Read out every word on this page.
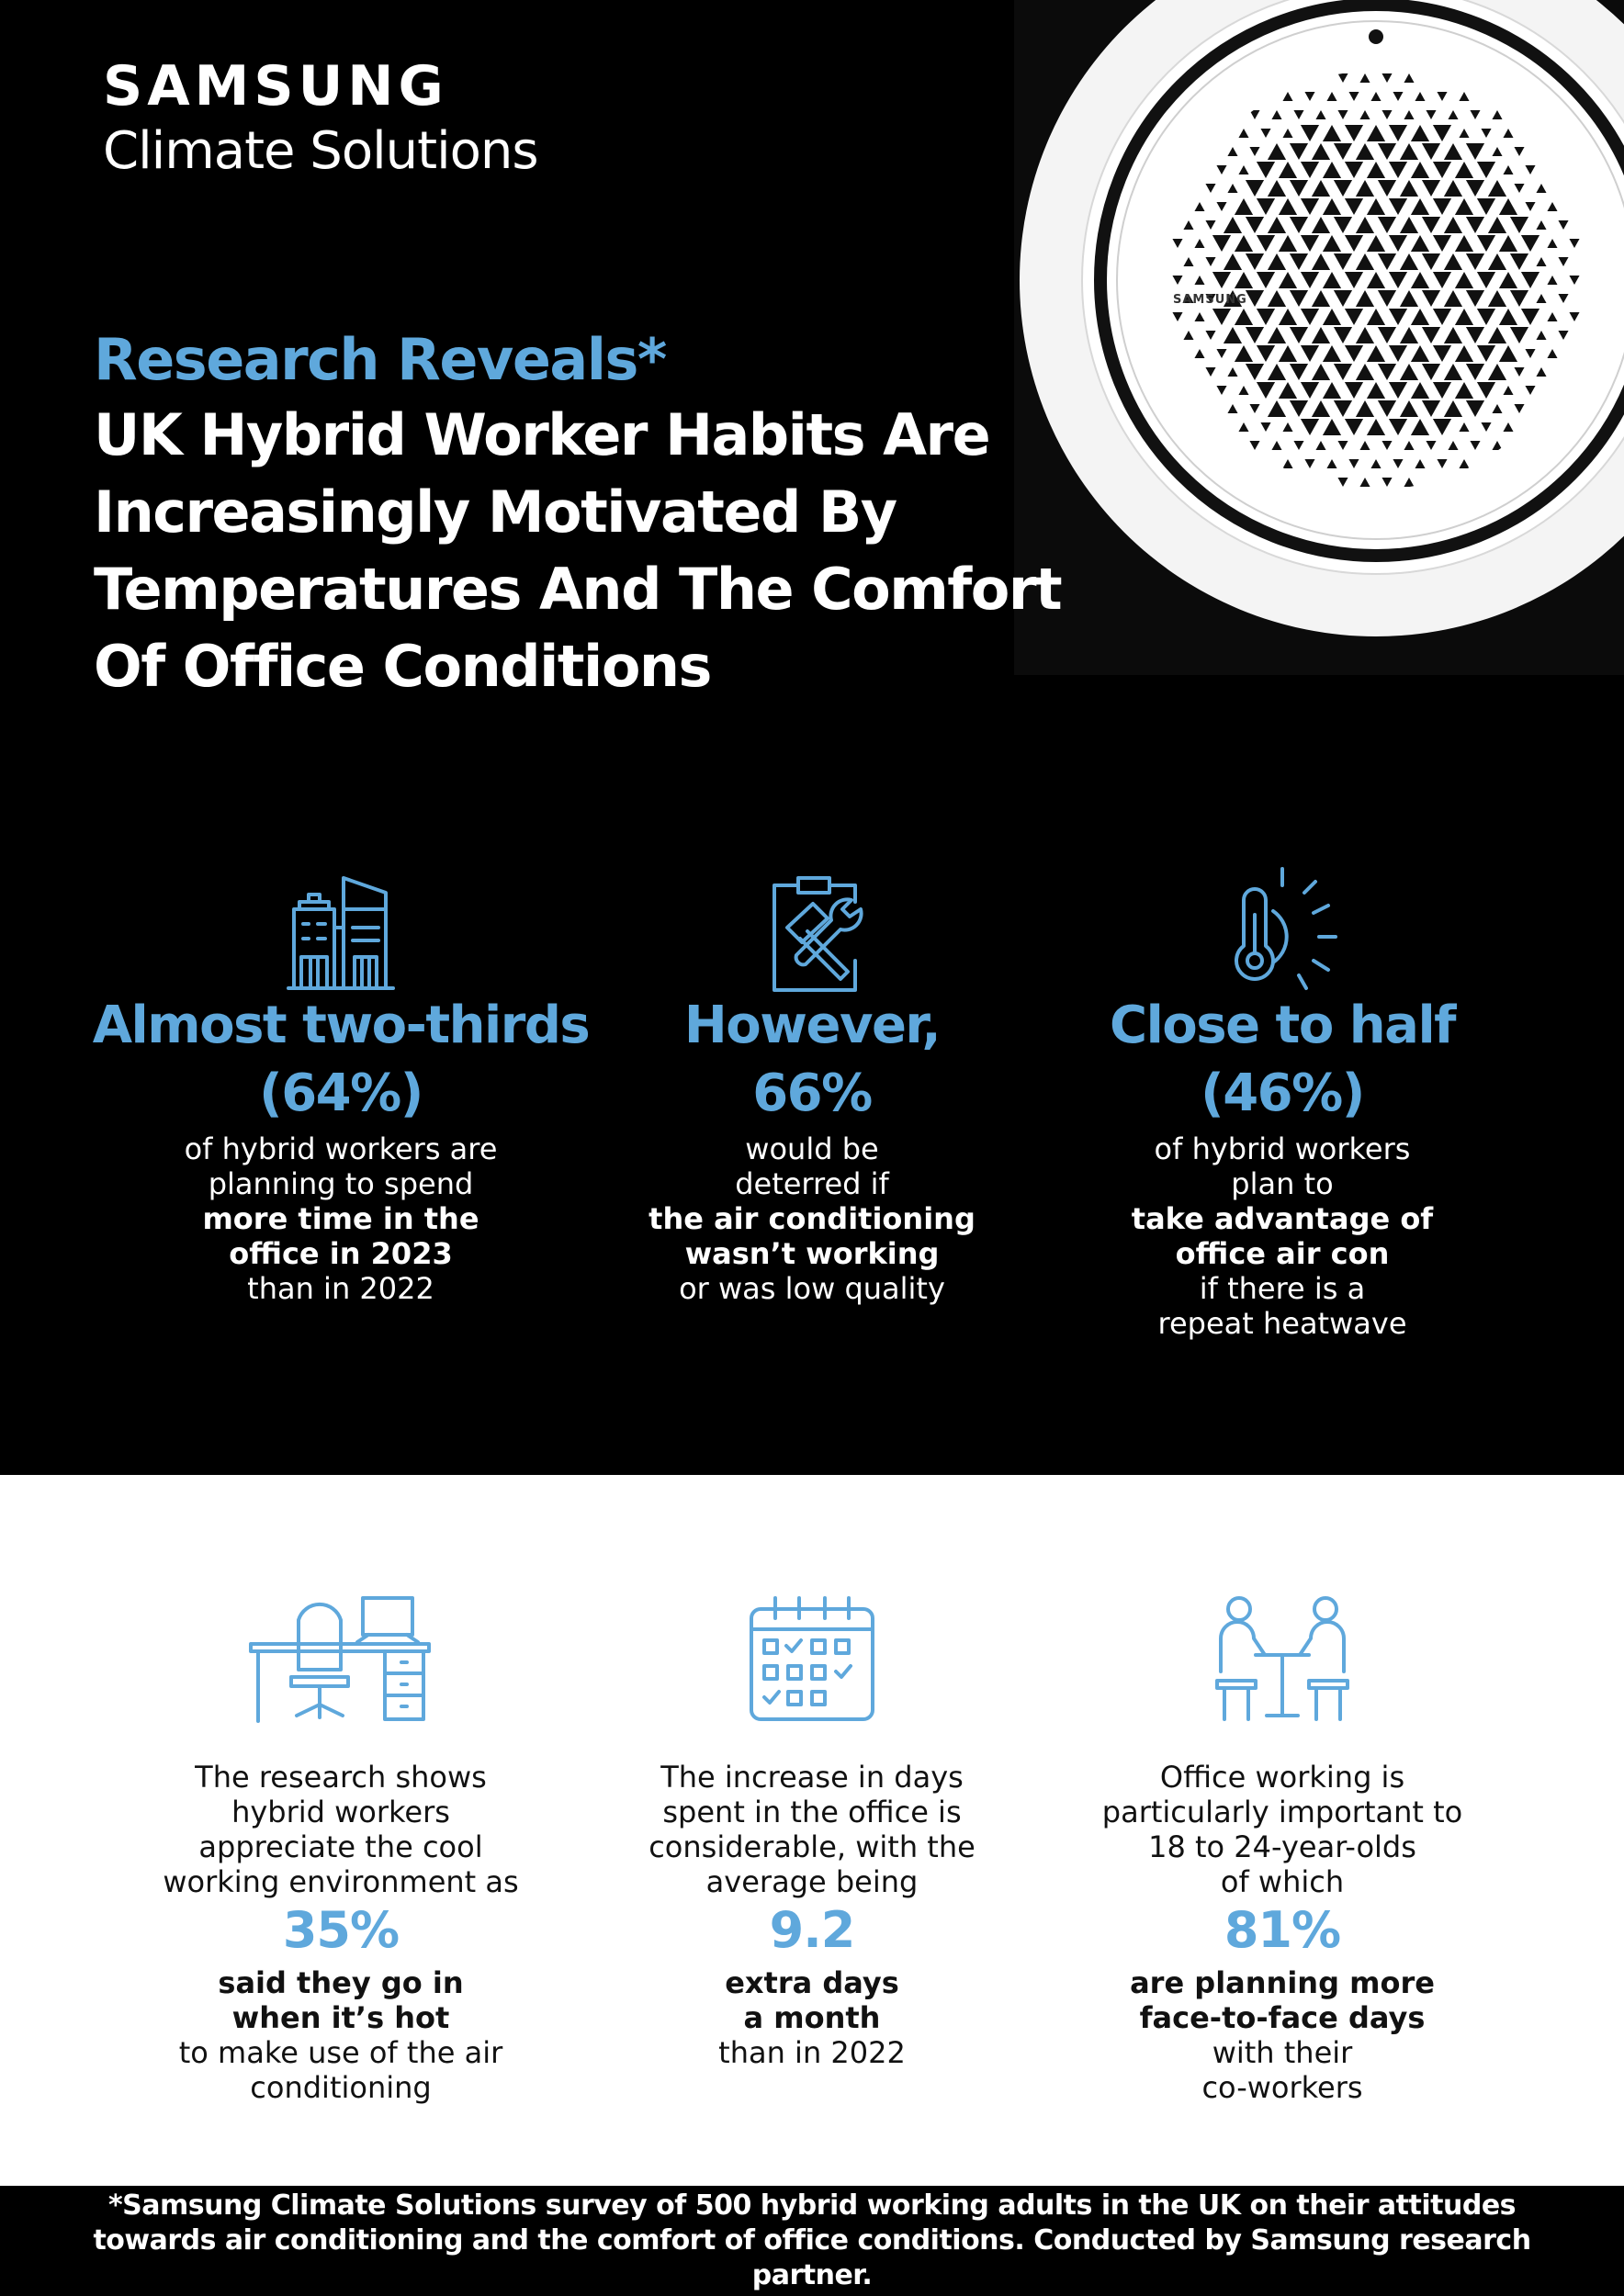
SAMSUNG

Climate Solutions

SAMSUNG

Research Reveals*

UK Hybrid Worker Habits Are

Increasingly Motivated By

Temperatures And The Comfort

Of Office Conditions

Almost two-thirds

(64%)

of hybrid workers are
planning to spend
more time in the
office in 2023
than in 2022

However,

66%

would be
deterred if
the air conditioning
wasn’t working
or was low quality

Close to half

(46%)

of hybrid workers
plan to
take advantage of
office air con
if there is a
repeat heatwave
The research shows
hybrid workers
appreciate the cool
working environment as
35%
said they go in
when it’s hot
to make use of the air
conditioning
The increase in days
spent in the office is
considerable, with the
average being
9.2
extra days
a month
than in 2022
Office working is
particularly important to
18 to 24-year-olds
of which
81%
are planning more
face-to-face days
with their
co-workers

*Samsung Climate Solutions survey of 500 hybrid working adults in the UK on their attitudes towards air conditioning and the comfort of office conditions. Conducted by Samsung research partner.
